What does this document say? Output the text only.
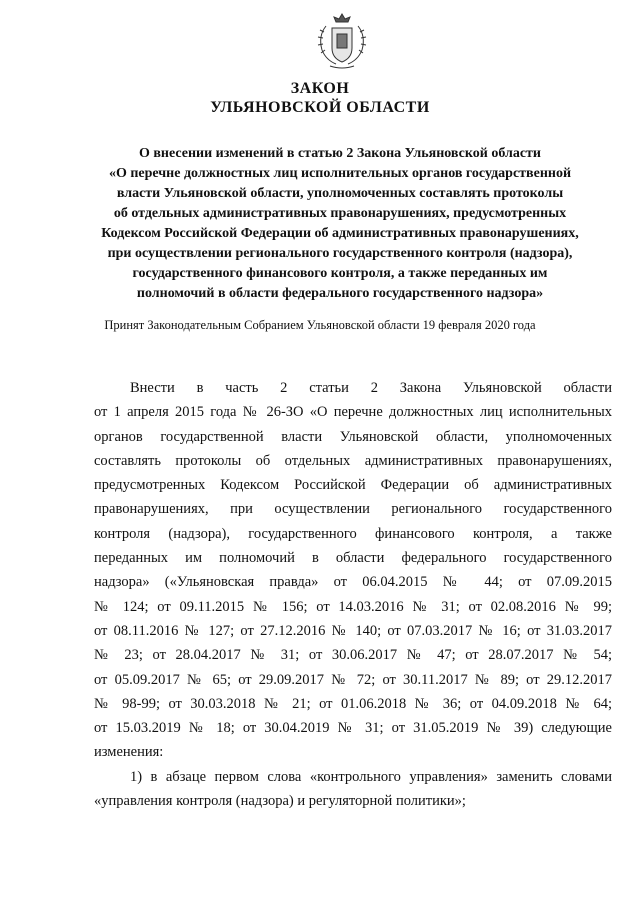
ЗАКОН
УЛЬЯНОВСКОЙ ОБЛАСТИ
О внесении изменений в статью 2 Закона Ульяновской области
«О перечне должностных лиц исполнительных органов государственной
власти Ульяновской области, уполномоченных составлять протоколы
об отдельных административных правонарушениях, предусмотренных
Кодексом Российской Федерации об административных правонарушениях,
при осуществлении регионального государственного контроля (надзора),
государственного финансового контроля, а также переданных им
полномочий в области федерального государственного надзора»
Принят Законодательным Собранием Ульяновской области 19 февраля 2020 года
Внести в часть 2 статьи 2 Закона Ульяновской области
от 1 апреля 2015 года № 26-ЗО «О перечне должностных лиц исполнительных
органов государственной власти Ульяновской области, уполномоченных
составлять протоколы об отдельных административных правонарушениях,
предусмотренных Кодексом Российской Федерации об административных
правонарушениях, при осуществлении регионального государственного
контроля (надзора), государственного финансового контроля, а также
переданных им полномочий в области федерального государственного
надзора» («Ульяновская правда» от 06.04.2015 № 44; от 07.09.2015
№ 124; от 09.11.2015 № 156; от 14.03.2016 № 31; от 02.08.2016 № 99;
от 08.11.2016 № 127; от 27.12.2016 № 140; от 07.03.2017 № 16; от 31.03.2017
№ 23; от 28.04.2017 № 31; от 30.06.2017 № 47; от 28.07.2017 № 54;
от 05.09.2017 № 65; от 29.09.2017 № 72; от 30.11.2017 № 89; от 29.12.2017
№ 98-99; от 30.03.2018 № 21; от 01.06.2018 № 36; от 04.09.2018 № 64;
от 15.03.2019 № 18; от 30.04.2019 № 31; от 31.05.2019 № 39) следующие
изменения:
1) в абзаце первом слова «контрольного управления» заменить словами
«управления контроля (надзора) и регуляторной политики»;
